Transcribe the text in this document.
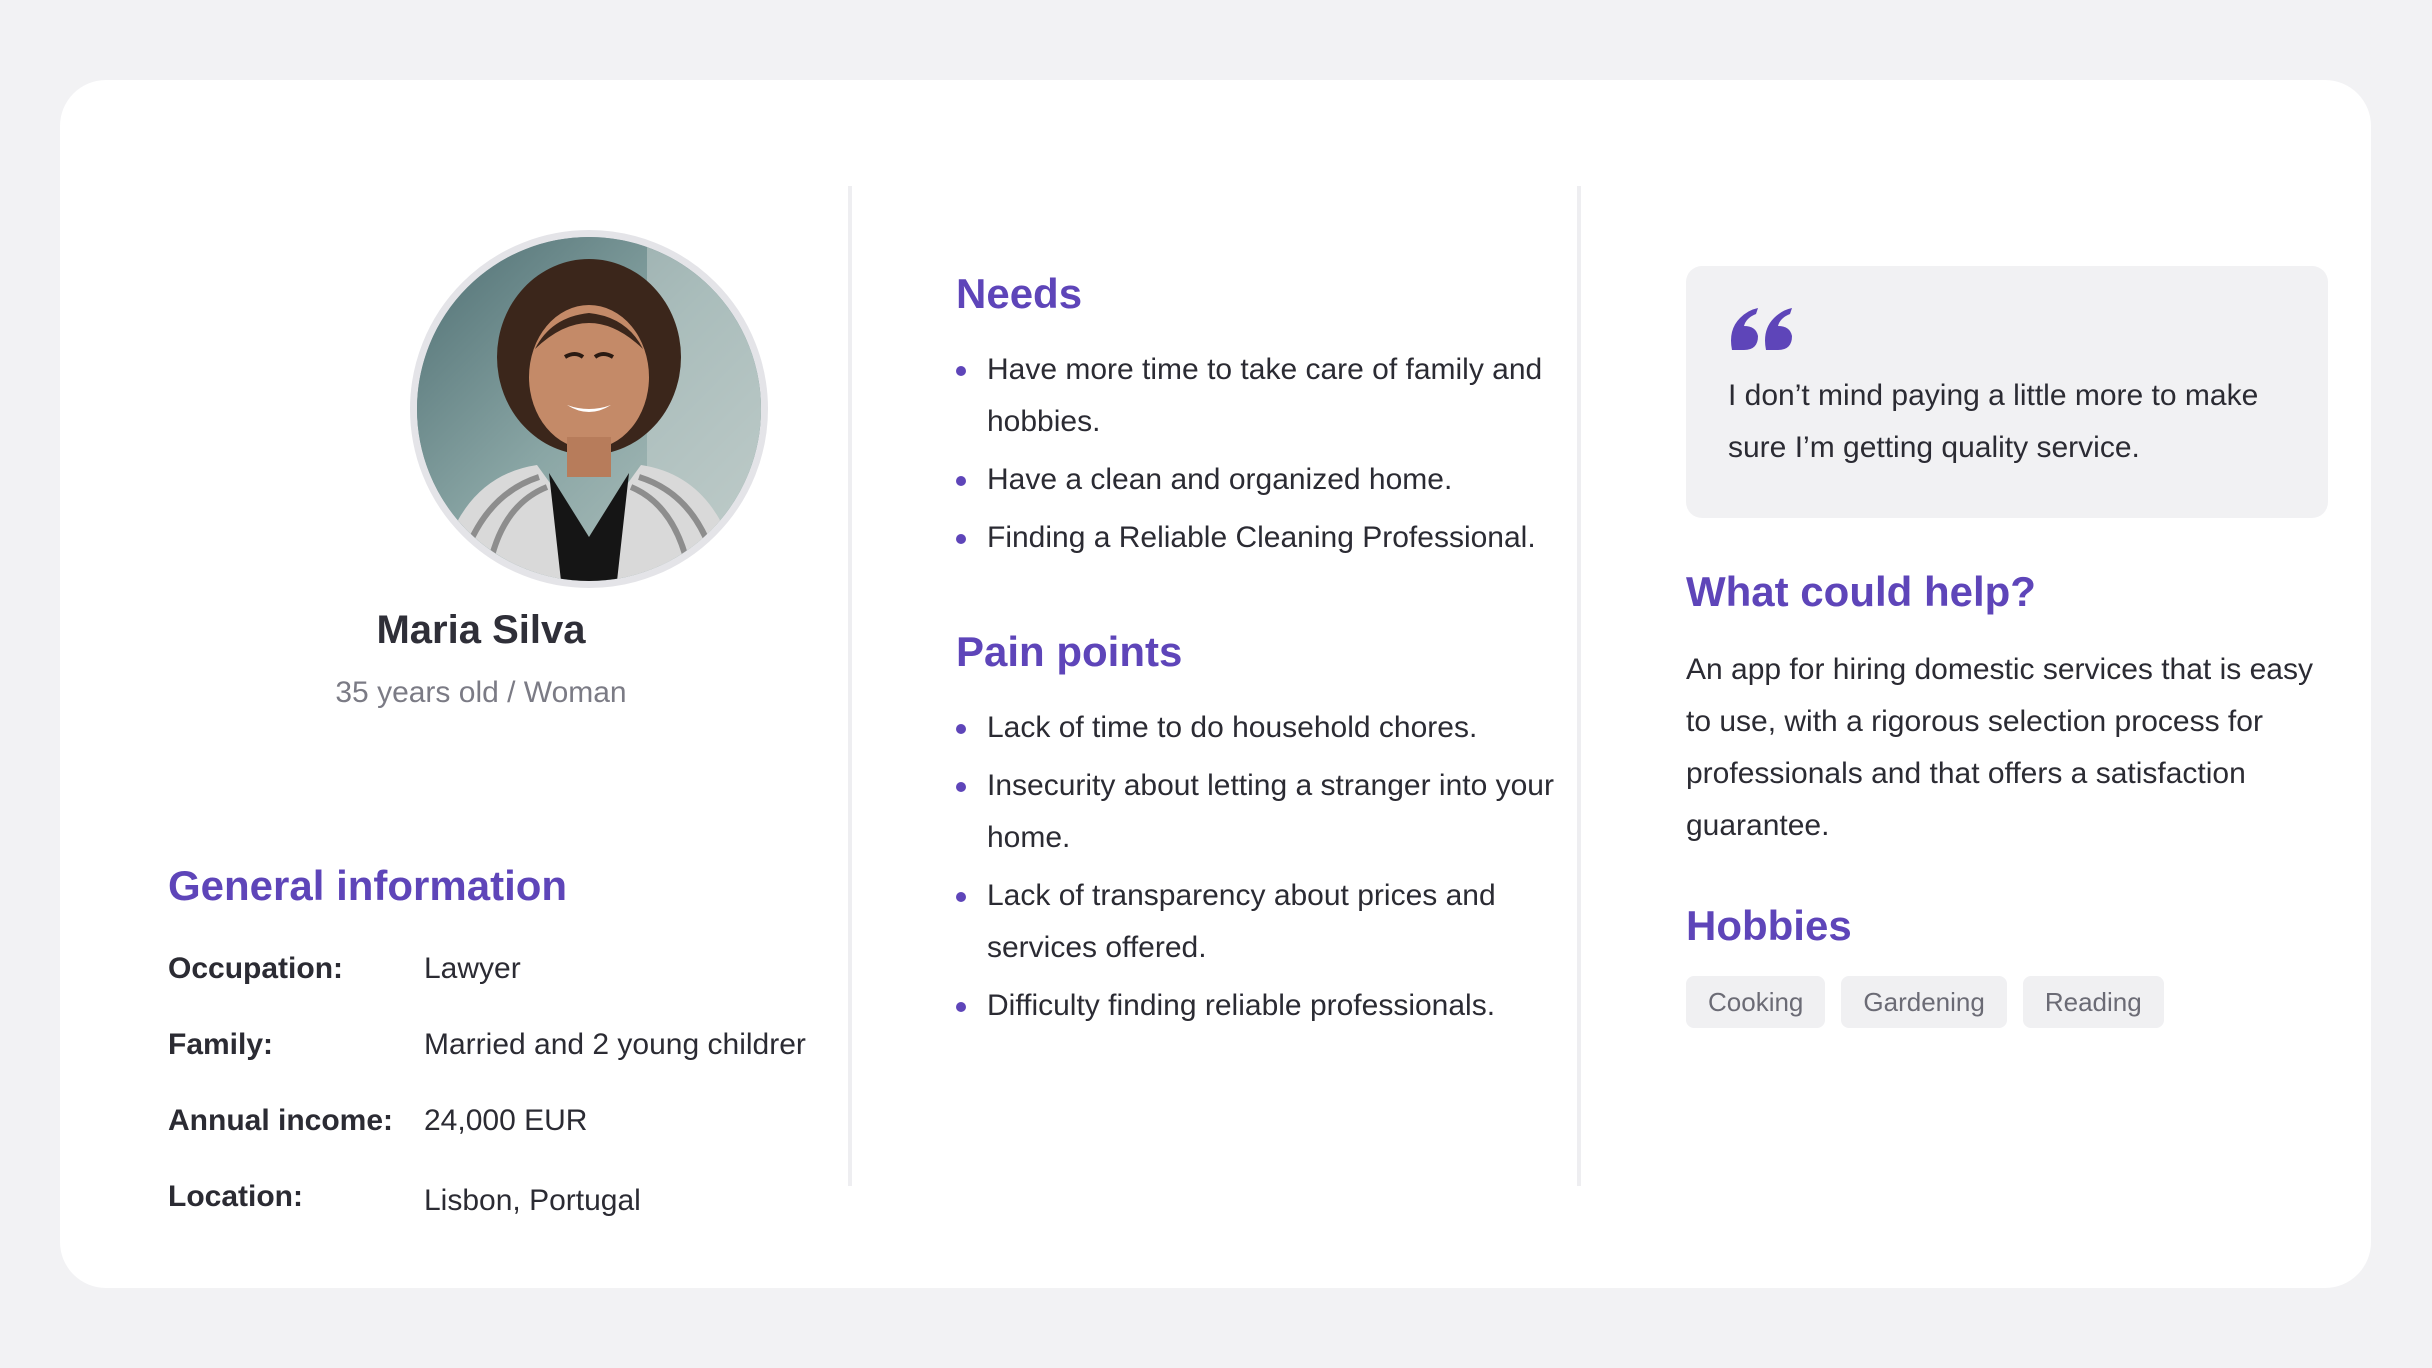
Maria Silva
35 years old / Woman
General information
Occupation:	Lawyer
Family:	Married and 2 young childrer
Annual income: 24,000 EUR
Location:	Lisbon, Portugal
Needs
Have more time to take care of family and hobbies.
Have a clean and organized home.
Finding a Reliable Cleaning Professional.
Pain points
Lack of time to do household chores.
Insecurity about letting a stranger into your home.
Lack of transparency about prices and services offered.
Difficulty finding reliable professionals.
I don’t mind paying a little more to make sure I’m getting quality service.
What could help?
An app for hiring domestic services that is easy to use, with a rigorous selection process for professionals and that offers a satisfaction guarantee.
Hobbies
Cooking	Gardening	Reading
